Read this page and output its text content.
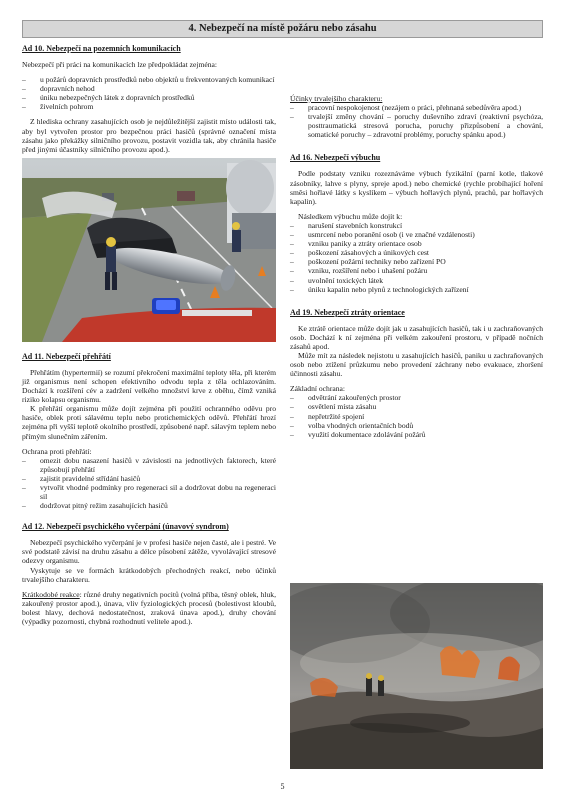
4. Nebezpečí na místě požáru nebo zásahu
Ad 10. Nebezpečí na pozemních komunikacích

Nebezpečí při práci na komunikacích lze předpokládat zejména:

– u požárů dopravních prostředků nebo objektů u frekventovaných komunikací
– dopravních nehod
– úniku nebezpečných látek z dopravních prostředků
– živelních pohrom

Z hlediska ochrany zasahujících osob je nejdůležitější zajistit místo události tak, aby byl vytvořen prostor pro bezpečnou práci hasičů (správné označení místa zásahu jako překážky silničního provozu, postavit vozidla tak, aby chránila hasiče před jinými účastníky silničního provozu apod.).

Ad 11. Nebezpečí přehřátí

Přehřátím (hypertermií) se rozumí překročení maximální teploty těla, při kterém již organismus není schopen efektivního odvodu tepla z těla ochlazováním. Dochází k rozšíření cév a zadržení velkého množství krve z oběhu, čímž vzniká riziko kolapsu organismu.

K přehřátí organismu může dojít zejména při použití ochranného oděvu pro hasiče, oblek proti sálavému teplu nebo protichemických oděvů. Přehřátí hrozí zejména při vyšší teplotě okolního prostředí, způsobené např. sálavým teplem nebo přímým slunečním zářením.

Ochrana proti přehřátí:

– omezit dobu nasazení hasičů v závislosti na jednotlivých faktorech, které způsobují přehřátí
– zajistit pravidelné střídání hasičů
– vytvořit vhodné podmínky pro regeneraci sil a dodržovat dobu na regeneraci sil
– dodržovat pitný režim zasahujících hasičů
Ad 12. Nebezpečí psychického vyčerpání (únavový syndrom)

Nebezpečí psychického vyčerpání je v profesi hasiče nejen časté, ale i pestré. Ve své podstatě závisí na druhu zásahu a délce působení zátěže, vyvolávající stresové odezvy organismu.

Vyskytuje se ve formách krátkodobých přechodných reakcí, nebo účinků trvalejšího charakteru.

Krátkodobé reakce: různé druhy negativních pocitů (volná příba, těsný oblek, hluk, zakouřený prostor apod.), únava, vliv fyziologických procesů (bolestivost kloubů, bolest hlavy, dechová nedostatečnost, zraková únava apod.), druhy chování (výpadky pozornosti, chybná rozhodnutí velitele apod.).

Účinky trvalejšího charakteru:

– pracovní nespokojenost (nezájem o práci, přehnaná sebedůvěra apod.)
– trvalejší změny chování – poruchy duševního zdraví (reaktivní psychóza, posttraumatická stresová porucha, poruchy přizpůsobení a chování, somatické poruchy – zdravotní problémy, poruchy spánku apod.)
Ad 16. Nebezpečí výbuchu

Podle podstaty vzniku rozeznáváme výbuch fyzikální (parní kotle, tlakové zásobníky, lahve s plyny, spreje apod.) nebo chemické (rychle probíhající hoření směsi hořlavé látky s kyslíkem – výbuch hořlavých plynů, prachů, par hořlavých kapalin).

Následkem výbuchu může dojít k:

– narušení stavebních konstrukcí
– usmrcení nebo poranění osob (i ve značné vzdálenosti)
– vzniku paniky a ztráty orientace osob
– poškození zásahových a únikových cest
– poškození požární techniky nebo zařízení PO
– vzniku, rozšíření nebo i uhašení požáru
– uvolnění toxických látek
– úniku kapalin nebo plynů z technologických zařízení
Ad 19. Nebezpečí ztráty orientace

Ke ztrátě orientace může dojít jak u zasahujících hasičů, tak i u zachraňovaných osob. Dochází k ní zejména při velkém zakouření prostoru, v případě nočních zásahů apod.

Může mít za následek nejistotu u zasahujících hasičů, paniku u zachraňovaných osob nebo ztížení průzkumu nebo provedení záchrany nebo evakuace, zhoršení účinnosti zásahu.

Základní ochrana:

– odvětrání zakouřených prostor
– osvětlení místa zásahu
– nepřetržité spojení
– volba vhodných orientačních bodů
– využití dokumentace zdolávání požárů
5
